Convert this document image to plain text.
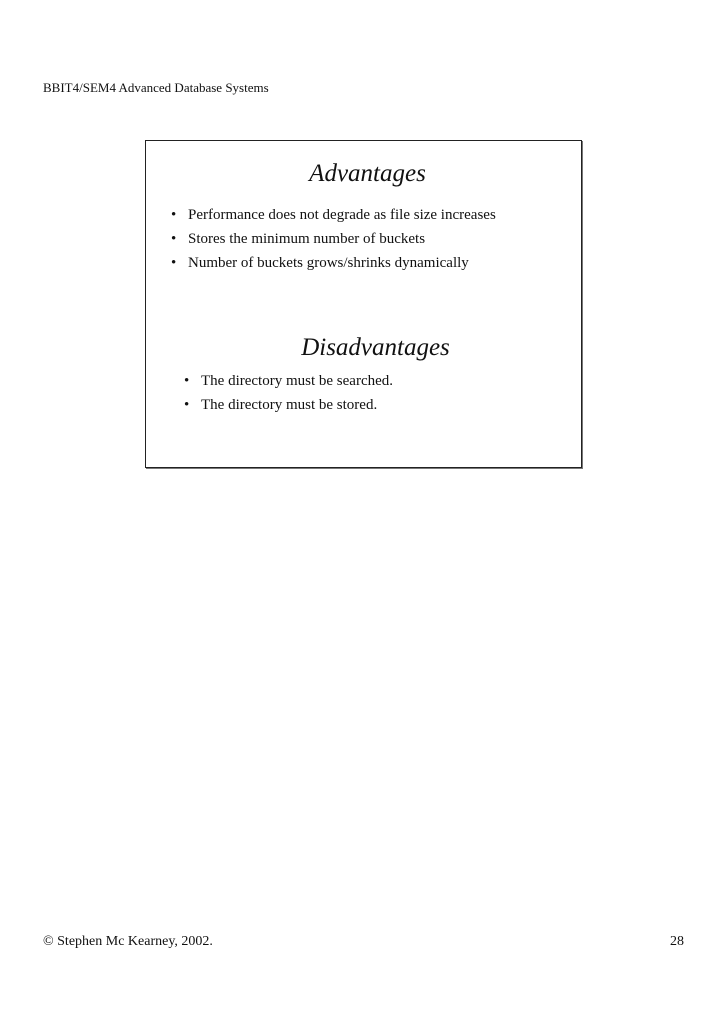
BBIT4/SEM4 Advanced Database Systems
Advantages
• Performance does not degrade as file size increases
• Stores the minimum number of buckets
• Number of buckets grows/shrinks dynamically
Disadvantages
• The directory must be searched.
• The directory must be stored.
© Stephen Mc Kearney, 2002.	28
